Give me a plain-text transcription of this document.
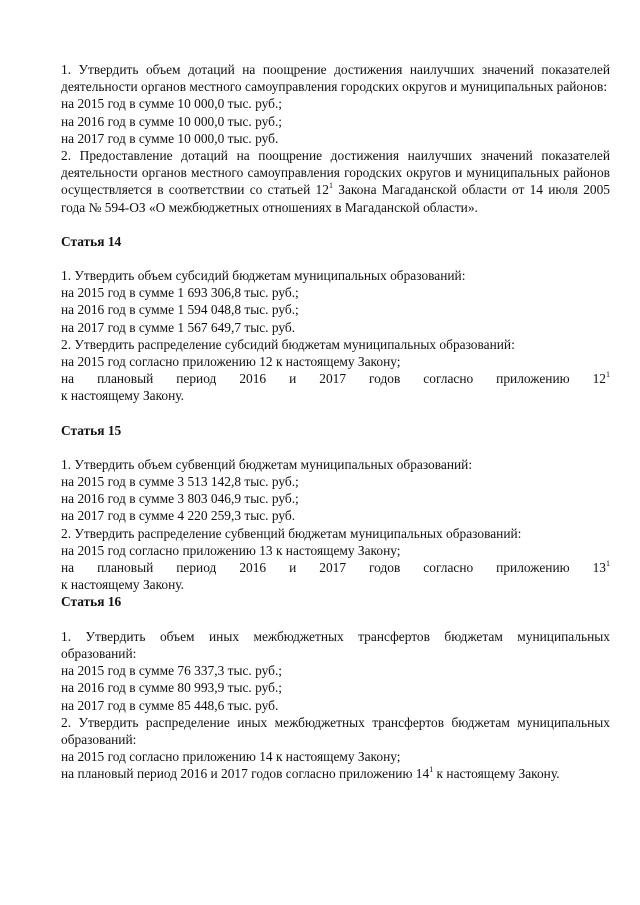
1. Утвердить объем дотаций на поощрение достижения наилучших значений показателей деятельности органов местного самоуправления городских округов и муниципальных районов:

на 2015 год в сумме 10 000,0 тыс. руб.;

на 2016 год в сумме 10 000,0 тыс. руб.;

на 2017 год в сумме 10 000,0 тыс. руб.

2. Предоставление дотаций на поощрение достижения наилучших значений показателей деятельности органов местного самоуправления городских округов и муниципальных районов осуществляется в соответствии со статьей $12^1$ Закона Магаданской области от 14 июля 2005 года № 594-ОЗ «О межбюджетных отношениях в Магаданской области».

Статья 14

1. Утвердить объем субсидий бюджетам муниципальных образований:

на 2015 год в сумме 1 693 306,8 тыс. руб.;

на 2016 год в сумме 1 594 048,8 тыс. руб.;

на 2017 год в сумме 1 567 649,7 тыс. руб.

2. Утвердить распределение субсидий бюджетам муниципальных образований:

на 2015 год согласно приложению 12 к настоящему Закону;

на плановый период 2016 и 2017 годов согласно приложению $12^1$

к настоящему Закону.

Статья 15

1. Утвердить объем субвенций бюджетам муниципальных образований:

на 2015 год в сумме 3 513 142,8 тыс. руб.;

на 2016 год в сумме 3 803 046,9 тыс. руб.;

на 2017 год в сумме 4 220 259,3 тыс. руб.

2. Утвердить распределение субвенций бюджетам муниципальных образований:

на 2015 год согласно приложению 13 к настоящему Закону;

на плановый период 2016 и 2017 годов согласно приложению $13^1$

к настоящему Закону.

Статья 16

1. Утвердить объем иных межбюджетных трансфертов бюджетам муниципальных образований:

на 2015 год в сумме 76 337,3 тыс. руб.;

на 2016 год в сумме 80 993,9 тыс. руб.;

на 2017 год в сумме 85 448,6 тыс. руб.

2. Утвердить распределение иных межбюджетных трансфертов бюджетам муниципальных образований:

на 2015 год согласно приложению 14 к настоящему Закону;

на плановый период 2016 и 2017 годов согласно приложению $14^1$ к настоящему Закону.
